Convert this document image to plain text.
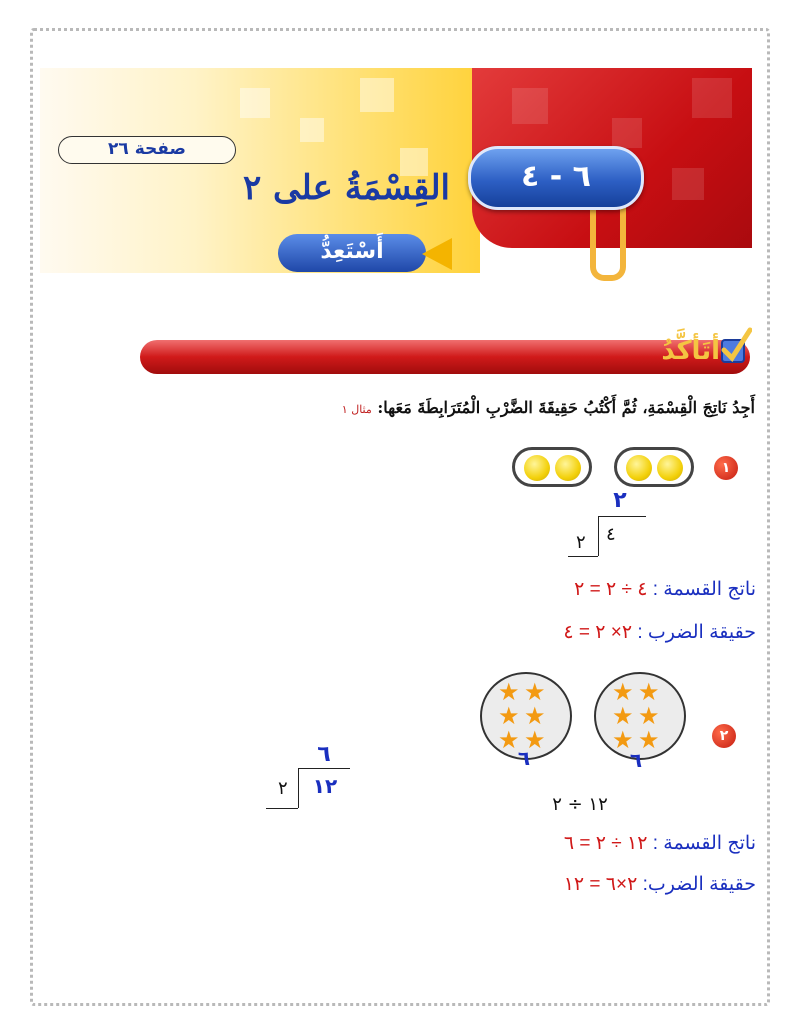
٦ - ٤
القِسْمَةُ على ٢
صفحة ٢٦
أَسْتَعِدُّ
أتَأكَّدُ
أَجِدُ نَاتِجَ الْقِسْمَةِ، ثُمَّ أَكْتُبُ حَقِيقَةَ الضَّرْبِ الْمُتَرَابِطَةَ مَعَها: مثال ١
١
٢
٤
٢
ناتج القسمة : ٤ ÷ ٢ = ٢
حقيقة الضرب : ٢× ٢ = ٤
٢
★ ★
★ ★
★ ★
★ ★
★ ★
★ ★
٦
٦
٦
١٢
٢
١٢ ÷ ٢
ناتج القسمة : ١٢ ÷ ٢ = ٦
حقيقة الضرب: ٢×٦ = ١٢
